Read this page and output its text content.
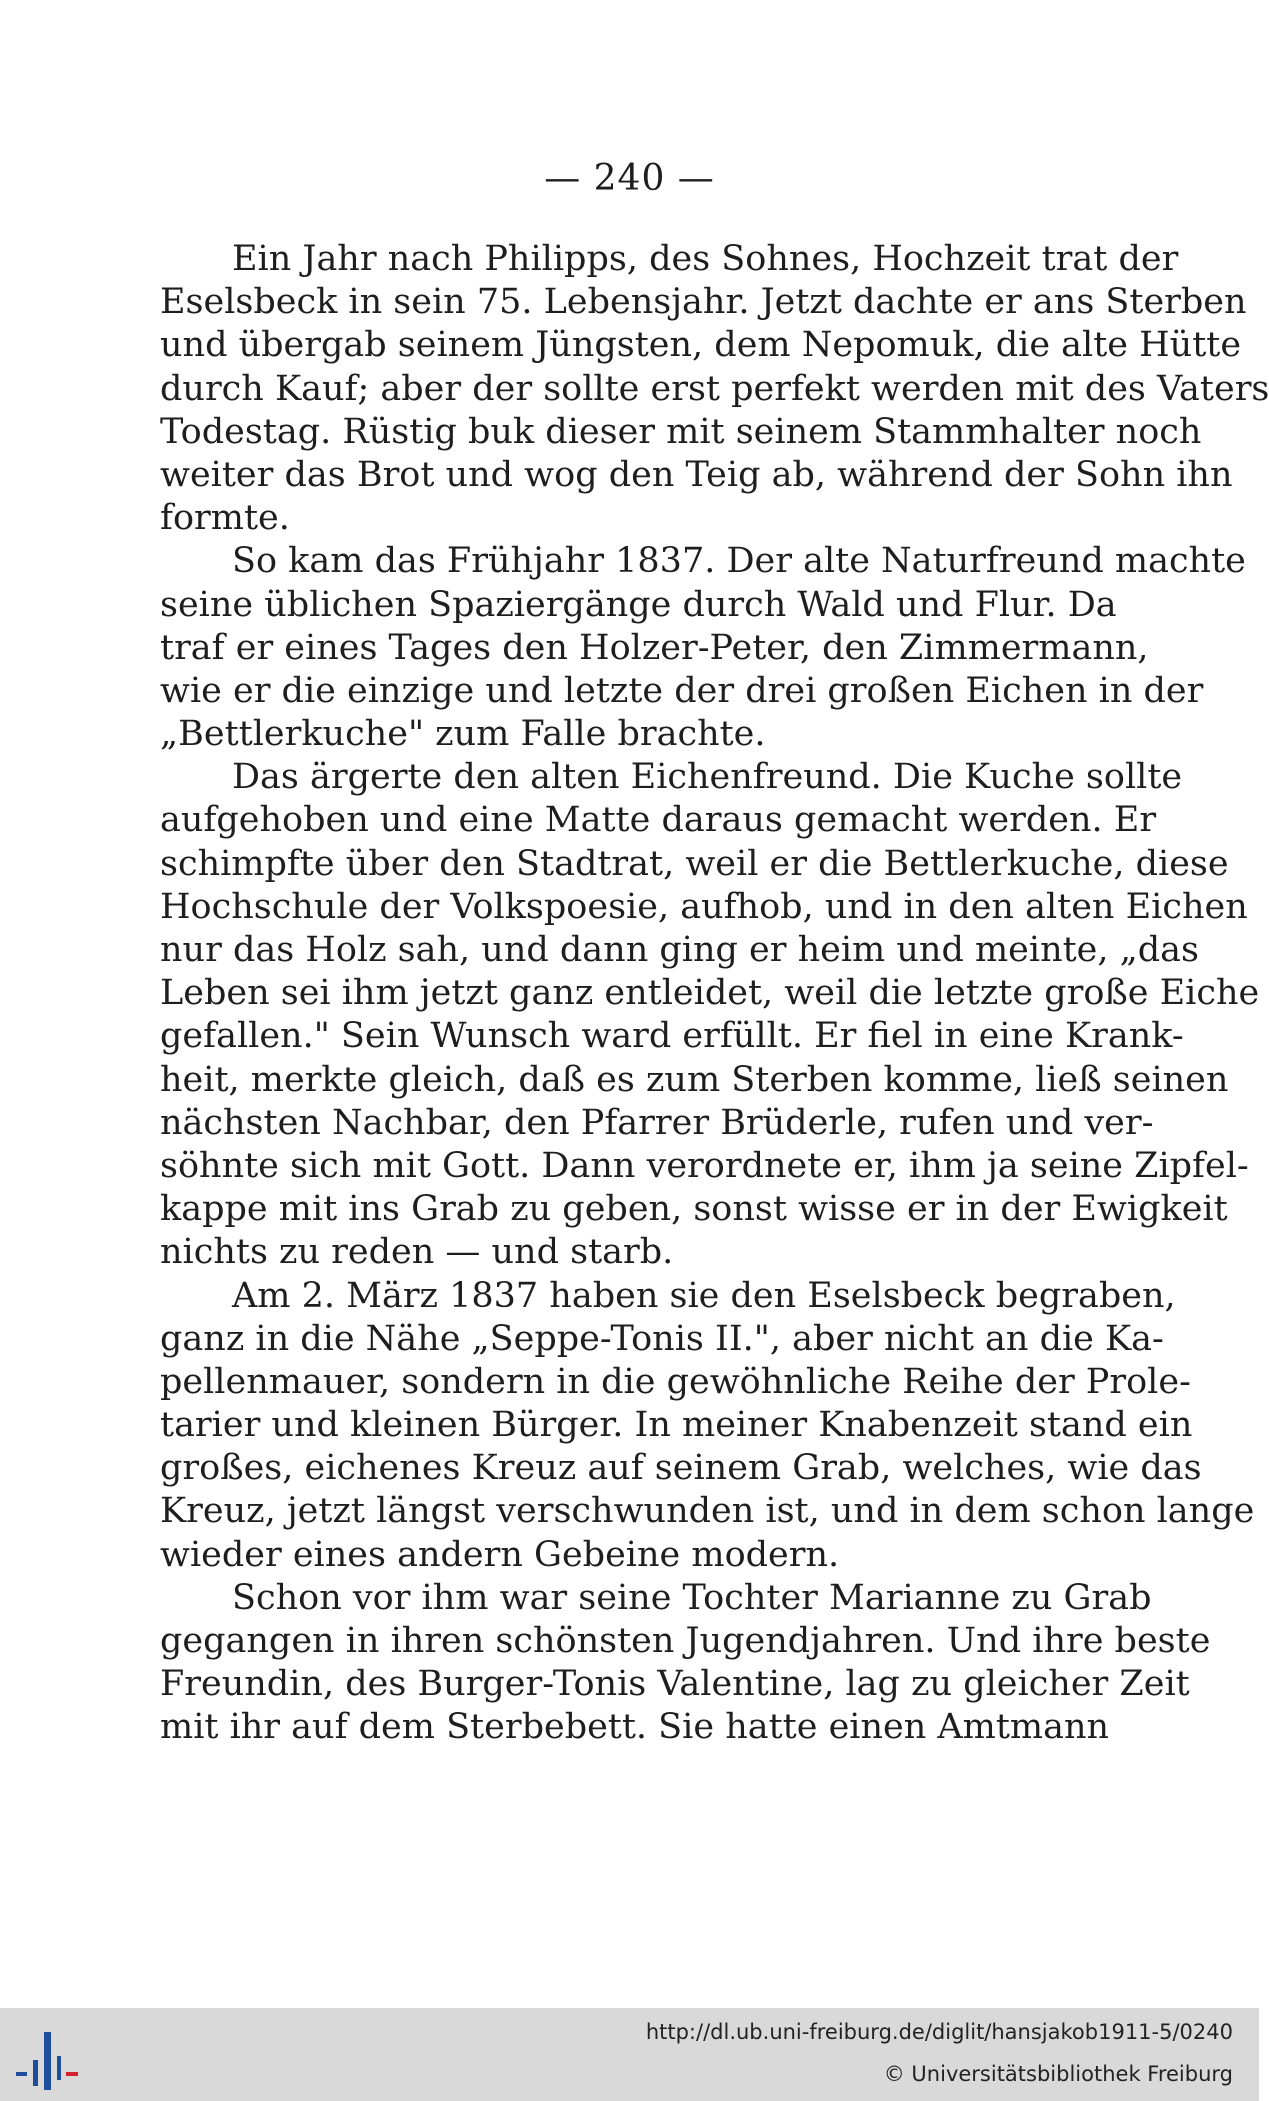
— 240 —
Ein Jahr nach Philipps, des Sohnes, Hochzeit trat der
Eselsbeck in sein 75. Lebensjahr. Jetzt dachte er ans Sterben
und übergab seinem Jüngsten, dem Nepomuk, die alte Hütte
durch Kauf; aber der sollte erst perfekt werden mit des Vaters
Todestag. Rüstig buk dieser mit seinem Stammhalter noch
weiter das Brot und wog den Teig ab, während der Sohn ihn
formte.
So kam das Frühjahr 1837. Der alte Naturfreund machte
seine üblichen Spaziergänge durch Wald und Flur. Da
traf er eines Tages den Holzer-Peter, den Zimmermann,
wie er die einzige und letzte der drei großen Eichen in der
„Bettlerkuche" zum Falle brachte.
Das ärgerte den alten Eichenfreund. Die Kuche sollte
aufgehoben und eine Matte daraus gemacht werden. Er
schimpfte über den Stadtrat, weil er die Bettlerkuche, diese
Hochschule der Volkspoesie, aufhob, und in den alten Eichen
nur das Holz sah, und dann ging er heim und meinte, „das
Leben sei ihm jetzt ganz entleidet, weil die letzte große Eiche
gefallen." Sein Wunsch ward erfüllt. Er fiel in eine Krank-
heit, merkte gleich, daß es zum Sterben komme, ließ seinen
nächsten Nachbar, den Pfarrer Brüderle, rufen und ver-
söhnte sich mit Gott. Dann verordnete er, ihm ja seine Zipfel-
kappe mit ins Grab zu geben, sonst wisse er in der Ewigkeit
nichts zu reden — und starb.
Am 2. März 1837 haben sie den Eselsbeck begraben,
ganz in die Nähe „Seppe-Tonis II.", aber nicht an die Ka-
pellenmauer, sondern in die gewöhnliche Reihe der Prole-
tarier und kleinen Bürger. In meiner Knabenzeit stand ein
großes, eichenes Kreuz auf seinem Grab, welches, wie das
Kreuz, jetzt längst verschwunden ist, und in dem schon lange
wieder eines andern Gebeine modern.
Schon vor ihm war seine Tochter Marianne zu Grab
gegangen in ihren schönsten Jugendjahren. Und ihre beste
Freundin, des Burger-Tonis Valentine, lag zu gleicher Zeit
mit ihr auf dem Sterbebett. Sie hatte einen Amtmann
http://dl.ub.uni-freiburg.de/diglit/hansjakob1911-5/0240
© Universitätsbibliothek Freiburg
